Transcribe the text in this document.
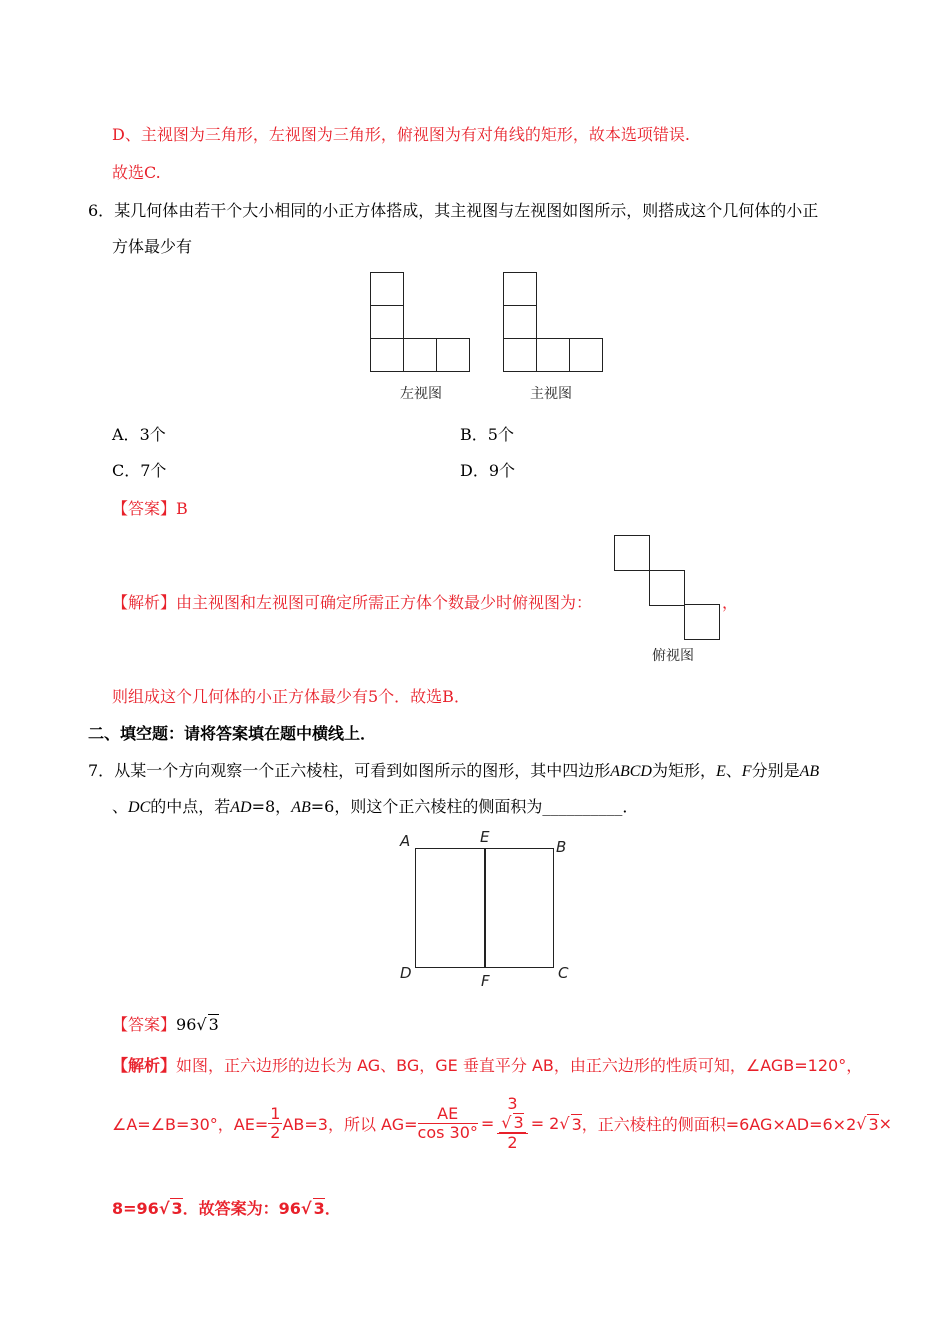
D、主视图为三角形，左视图为三角形，俯视图为有对角线的矩形，故本选项错误.
故选C.
6．某几何体由若干个大小相同的小正方体搭成，其主视图与左视图如图所示，则搭成这个几何体的小正
方体最少有
左视图	主视图
A．3个	B．5个
C．7个	D．9个
【答案】B
【解析】由主视图和左视图可确定所需正方体个数最少时俯视图为：	，
俯视图
则组成这个几何体的小正方体最少有5个．故选B．
二、填空题：请将答案填在题中横线上．
7．从某一个方向观察一个正六棱柱，可看到如图所示的图形，其中四边形ABCD为矩形，E、F分别是AB
、DC的中点，若AD=8，AB=6，则这个正六棱柱的侧面积为__________．
A	E
B
D	F	C
【答案】96√ 3
【解析】如图，正六边形的边长为 AG、BG，GE 垂直平分 AB，由正六边形的性质可知，∠AGB=120°，
∠A=∠B=30°，$AE= \frac{1}{2} AB=3$，所以 $AG= \frac{AE}{\cos 30^\circ}$ =
3

√ 3
2
= 2√ 3，正六棱柱的侧面积=6AG×AD=6×2√ 3×
8=96√ 3．故答案为：96√ 3．
